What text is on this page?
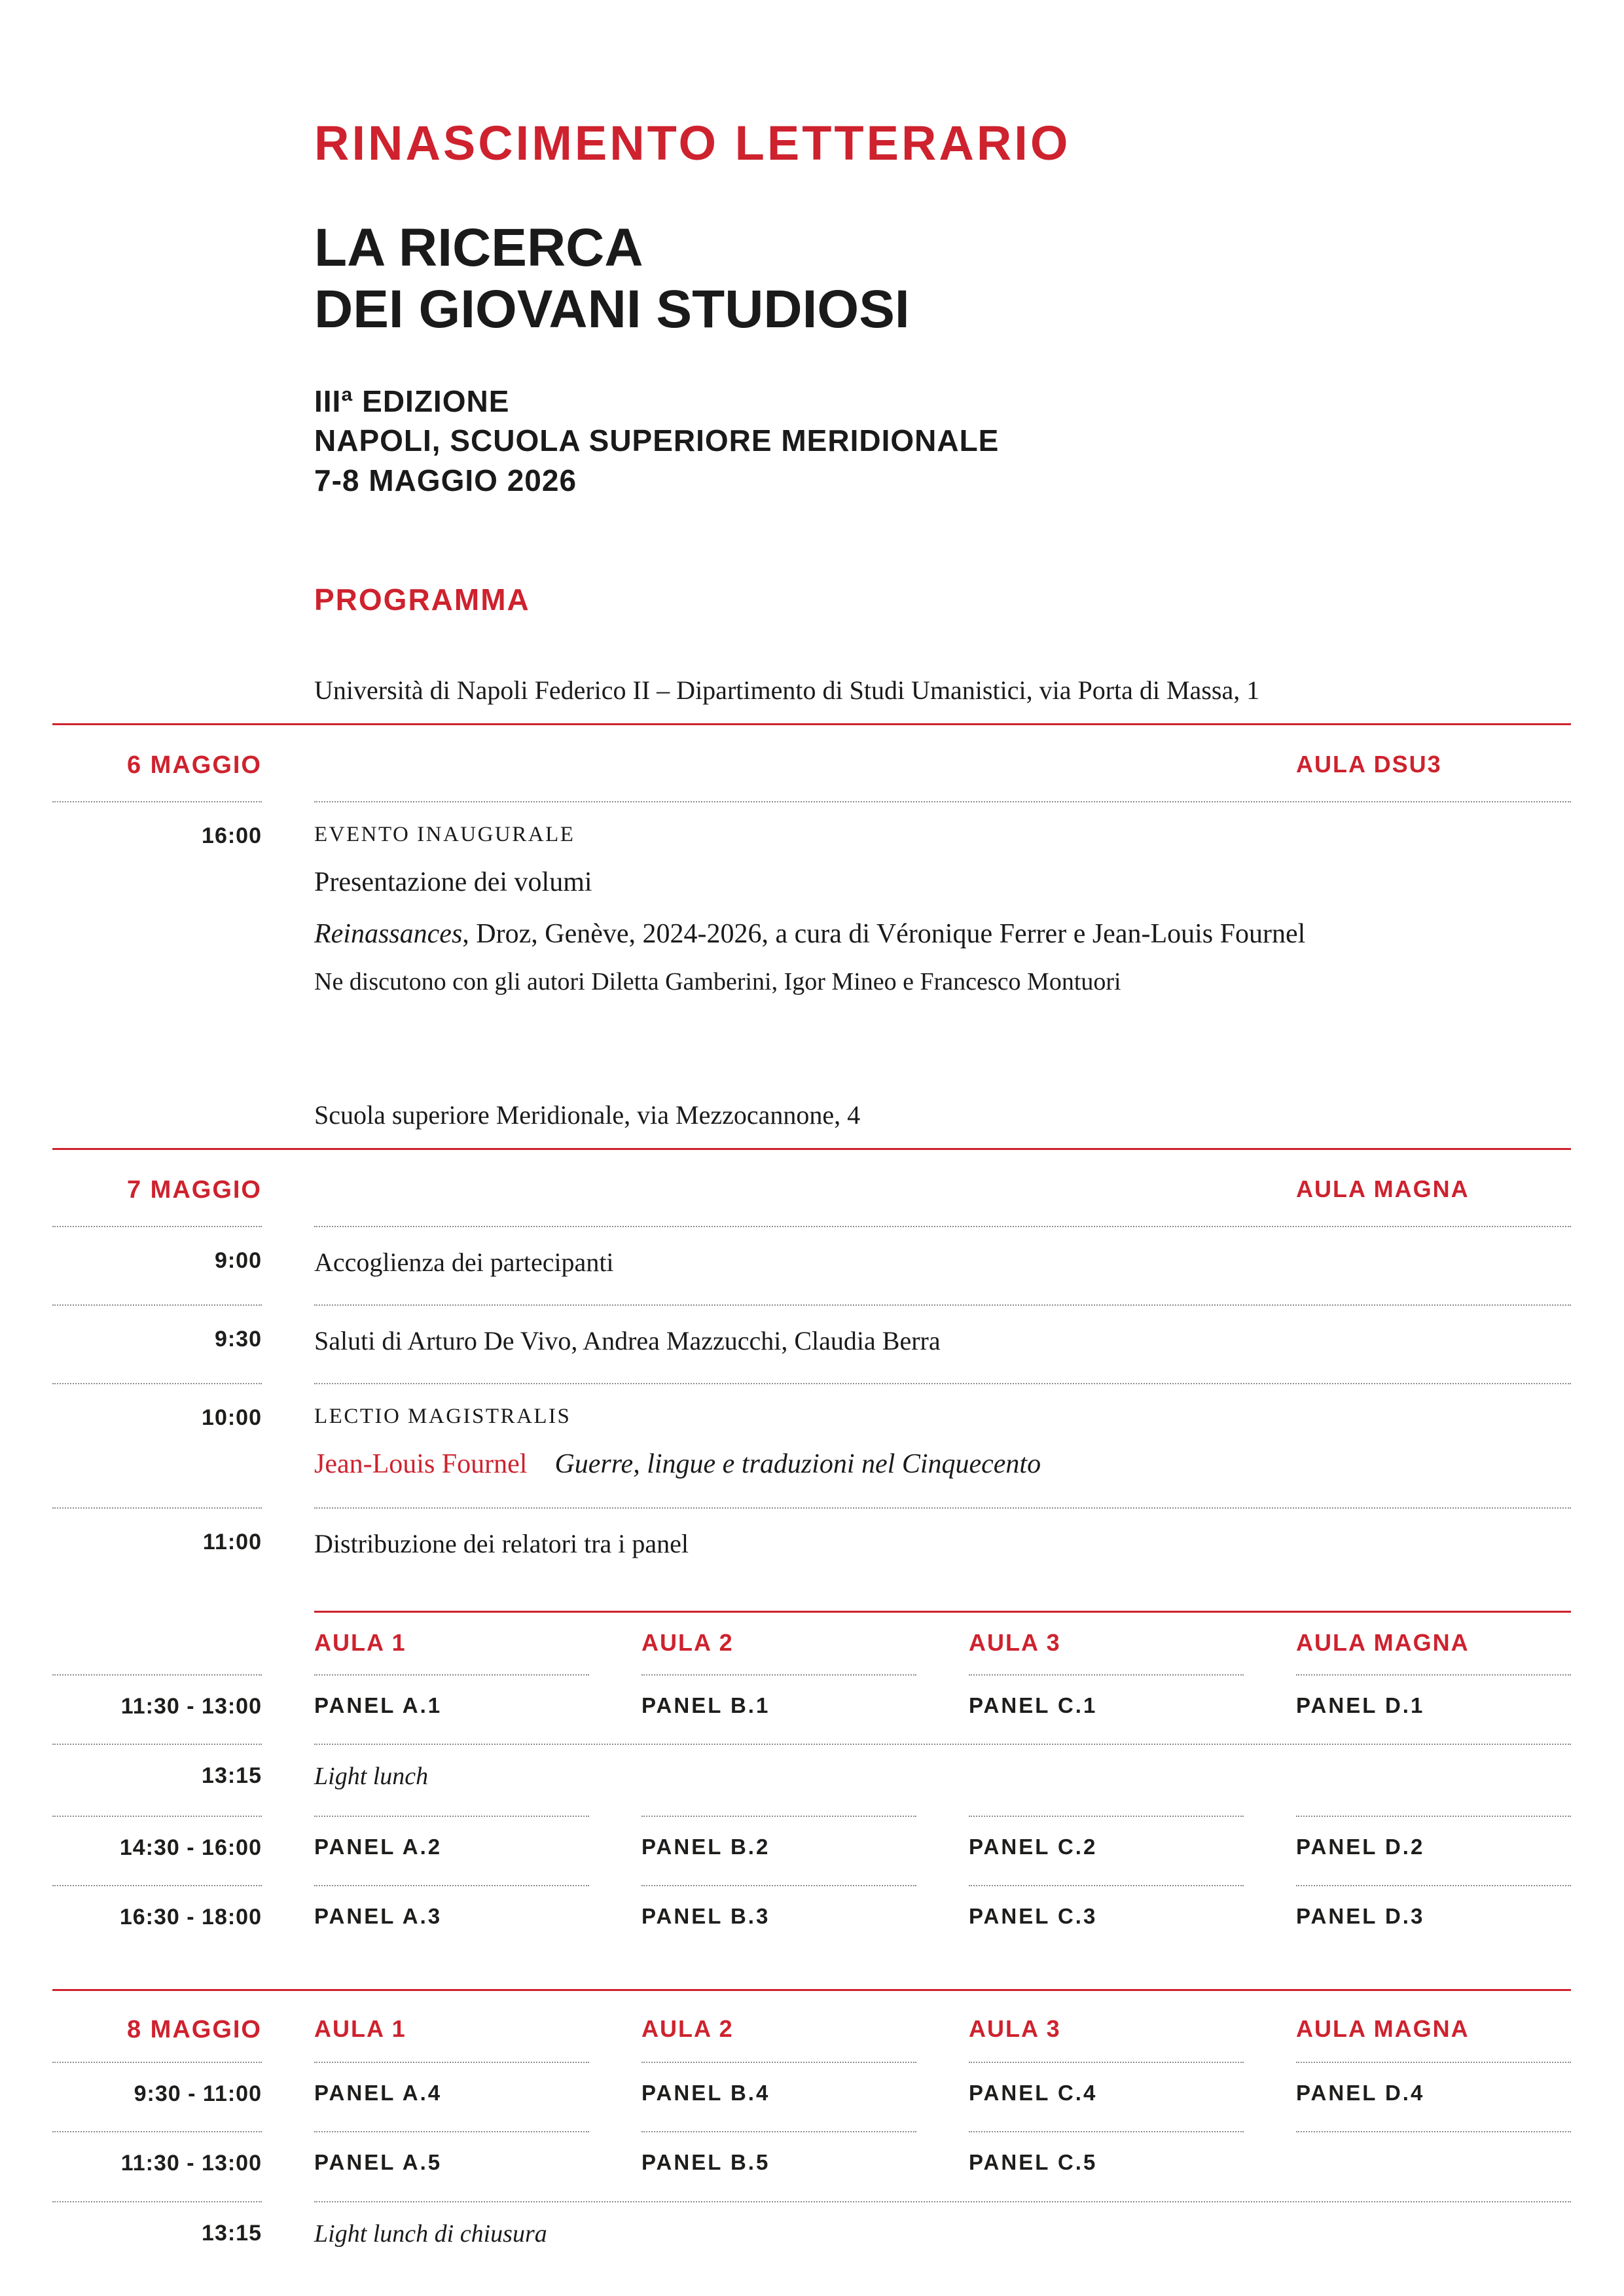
RINASCIMENTO LETTERARIO
LA RICERCA
DEI GIOVANI STUDIOSI
IIIª EDIZIONE
NAPOLI, SCUOLA SUPERIORE MERIDIONALE
7-8 MAGGIO 2026
PROGRAMMA

Università di Napoli Federico II – Dipartimento di Studi Umanistici, via Porta di Massa, 1

6 MAGGIO	AULA DSU3
16:00 EVENTO INAUGURALE
Presentazione dei volumi
Reinassances, Droz, Genève, 2024-2026, a cura di Véronique Ferrer e Jean-Louis Fournel
Ne discutono con gli autori Diletta Gamberini, Igor Mineo e Francesco Montuori

Scuola superiore Meridionale, via Mezzocannone, 4

7 MAGGIO	AULA MAGNA
9:00 Accoglienza dei partecipanti
9:30 Saluti di Arturo De Vivo, Andrea Mazzucchi, Claudia Berra
10:00 LECTIO MAGISTRALIS
Jean-Louis Fournel Guerre, lingue e traduzioni nel Cinquecento
11:00 Distribuzione dei relatori tra i panel
AULA 1	AULA 2	AULA 3	AULA MAGNA
11:30 - 13:00 PANEL A.1	PANEL B.1	PANEL C.1	PANEL D.1
13:15 Light lunch
14:30 - 16:00 PANEL A.2	PANEL B.2	PANEL C.2	PANEL D.2
16:30 - 18:00 PANEL A.3	PANEL B.3	PANEL C.3	PANEL D.3
8 MAGGIO AULA 1	AULA 2	AULA 3	AULA MAGNA
9:30 - 11:00 PANEL A.4	PANEL B.4	PANEL C.4	PANEL D.4
11:30 - 13:00 PANEL A.5	PANEL B.5	PANEL C.5
13:15 Light lunch di chiusura
